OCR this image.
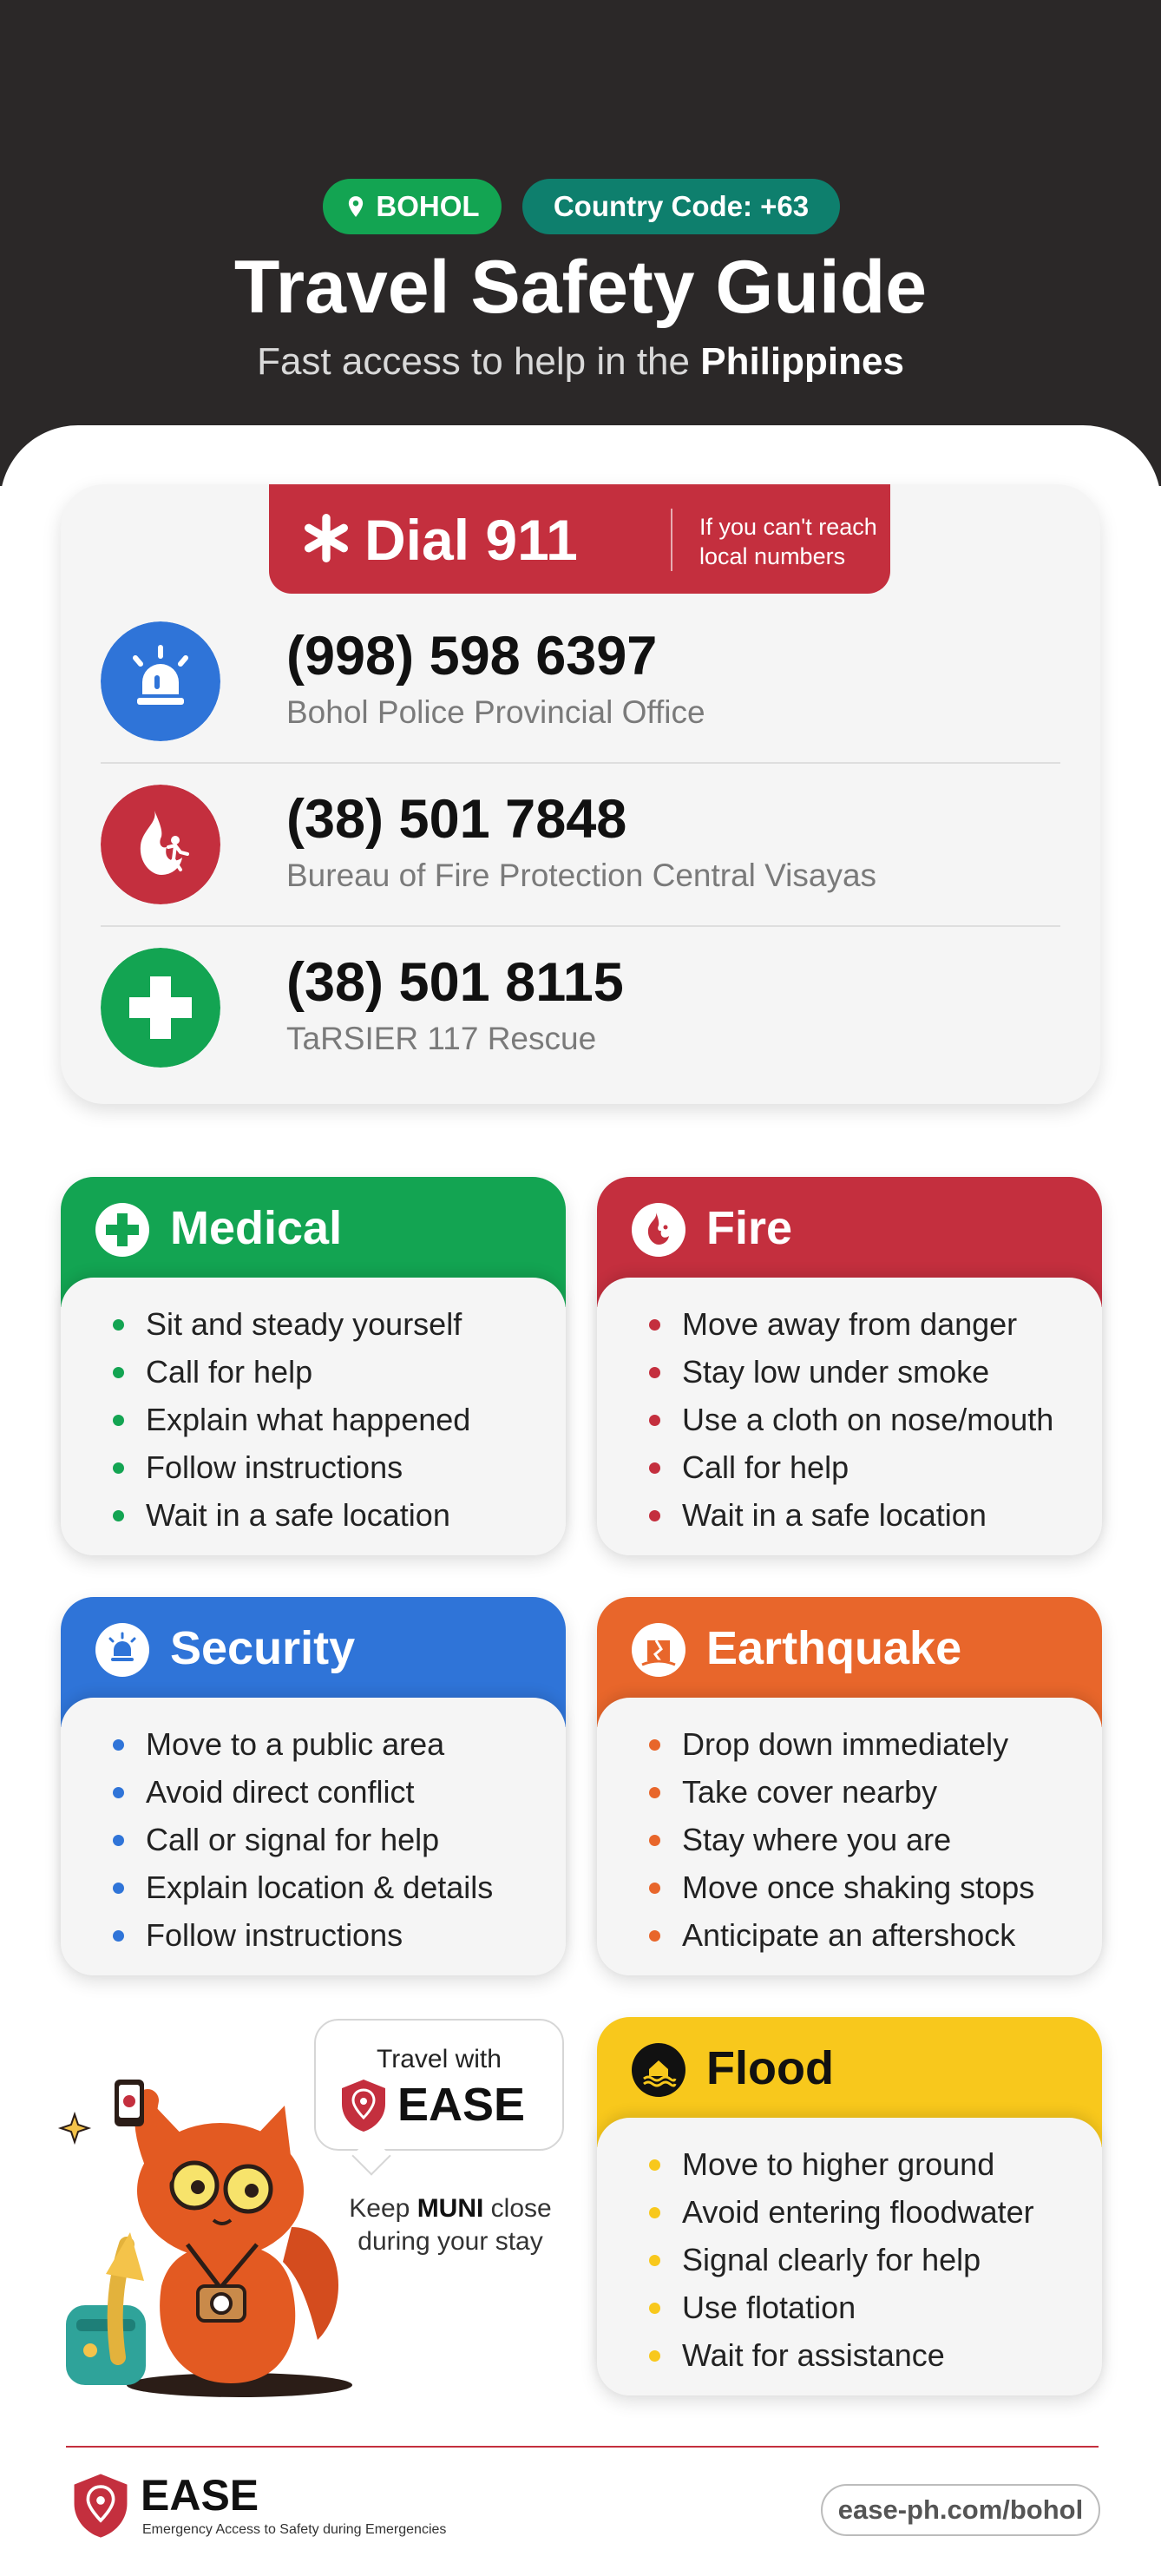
BOHOL	Country Code: +63
Travel Safety Guide
Fast access to help in the Philippines
Dial 911	If you can't reach local numbers
(998) 598 6397
Bohol Police Provincial Office
(38) 501 7848
Bureau of Fire Protection Central Visayas
(38) 501 8115
TaRSIER 117 Rescue
Medical
Sit and steady yourself
Call for help
Explain what happened
Follow instructions
Wait in a safe location
Fire
Move away from danger
Stay low under smoke
Use a cloth on nose/mouth
Call for help
Wait in a safe location
Security
Move to a public area
Avoid direct conflict
Call or signal for help
Explain location & details
Follow instructions
Earthquake
Drop down immediately
Take cover nearby
Stay where you are
Move once shaking stops
Anticipate an aftershock
Flood
Move to higher ground
Avoid entering floodwater
Signal clearly for help
Use flotation
Wait for assistance
Travel with
EASE
Keep MUNI close
during your stay
EASE
Emergency Access to Safety during Emergencies
ease-ph.com/bohol
